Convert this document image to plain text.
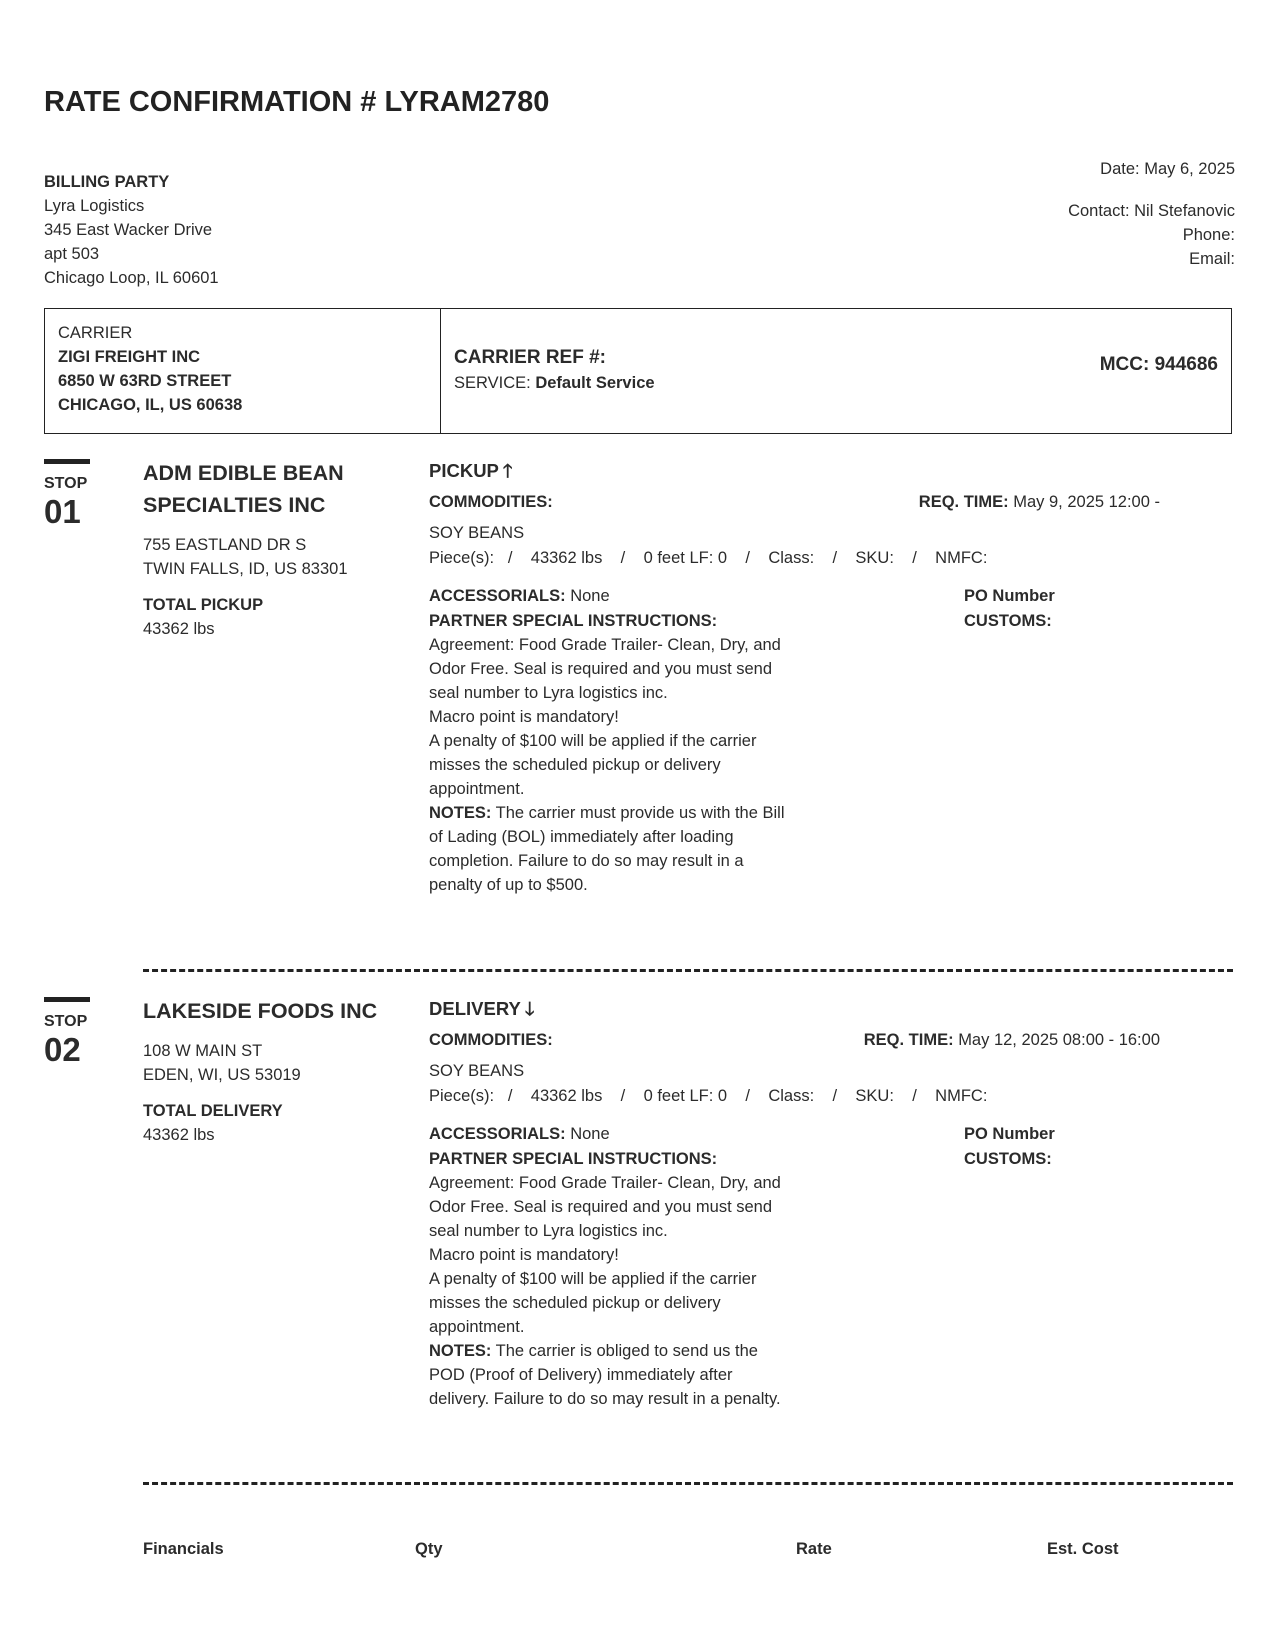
RATE CONFIRMATION # LYRAM2780
BILLING PARTY
Lyra Logistics
345 East Wacker Drive
apt 503
Chicago Loop, IL 60601
Date: May 6, 2025
Contact: Nil Stefanovic
Phone:
Email:
CARRIER
ZIGI FREIGHT INC
6850 W 63RD STREET
CHICAGO, IL, US 60638
CARRIER REF #:
SERVICE: Default Service
MCC: 944686
STOP
01
ADM EDIBLE BEAN
SPECIALTIES INC
755 EASTLAND DR S
TWIN FALLS, ID, US 83301
TOTAL PICKUP
43362 lbs
PICKUP 🡑
COMMODITIES:	REQ. TIME: May 9, 2025 12:00 -
SOY BEANS
Piece(s):   /    43362 lbs    /    0 feet LF: 0    /    Class:    /    SKU:    /    NMFC:
ACCESSORIALS: None	PO Number
CUSTOMS:
PARTNER SPECIAL INSTRUCTIONS:
Agreement: Food Grade Trailer- Clean, Dry, and
Odor Free. Seal is required and you must send
seal number to Lyra logistics inc.
Macro point is mandatory!
A penalty of $100 will be applied if the carrier
misses the scheduled pickup or delivery
appointment.
NOTES: The carrier must provide us with the Bill
of Lading (BOL) immediately after loading
completion. Failure to do so may result in a
penalty of up to $500.
STOP
02
LAKESIDE FOODS INC
108 W MAIN ST
EDEN, WI, US 53019
TOTAL DELIVERY
43362 lbs
DELIVERY 🡓
COMMODITIES:	REQ. TIME: May 12, 2025 08:00 - 16:00
SOY BEANS
Piece(s):   /    43362 lbs    /    0 feet LF: 0    /    Class:    /    SKU:    /    NMFC:
ACCESSORIALS: None	PO Number
CUSTOMS:
PARTNER SPECIAL INSTRUCTIONS:
Agreement: Food Grade Trailer- Clean, Dry, and
Odor Free. Seal is required and you must send
seal number to Lyra logistics inc.
Macro point is mandatory!
A penalty of $100 will be applied if the carrier
misses the scheduled pickup or delivery
appointment.
NOTES: The carrier is obliged to send us the
POD (Proof of Delivery) immediately after
delivery. Failure to do so may result in a penalty.
Financials	Qty	Rate	Est. Cost
